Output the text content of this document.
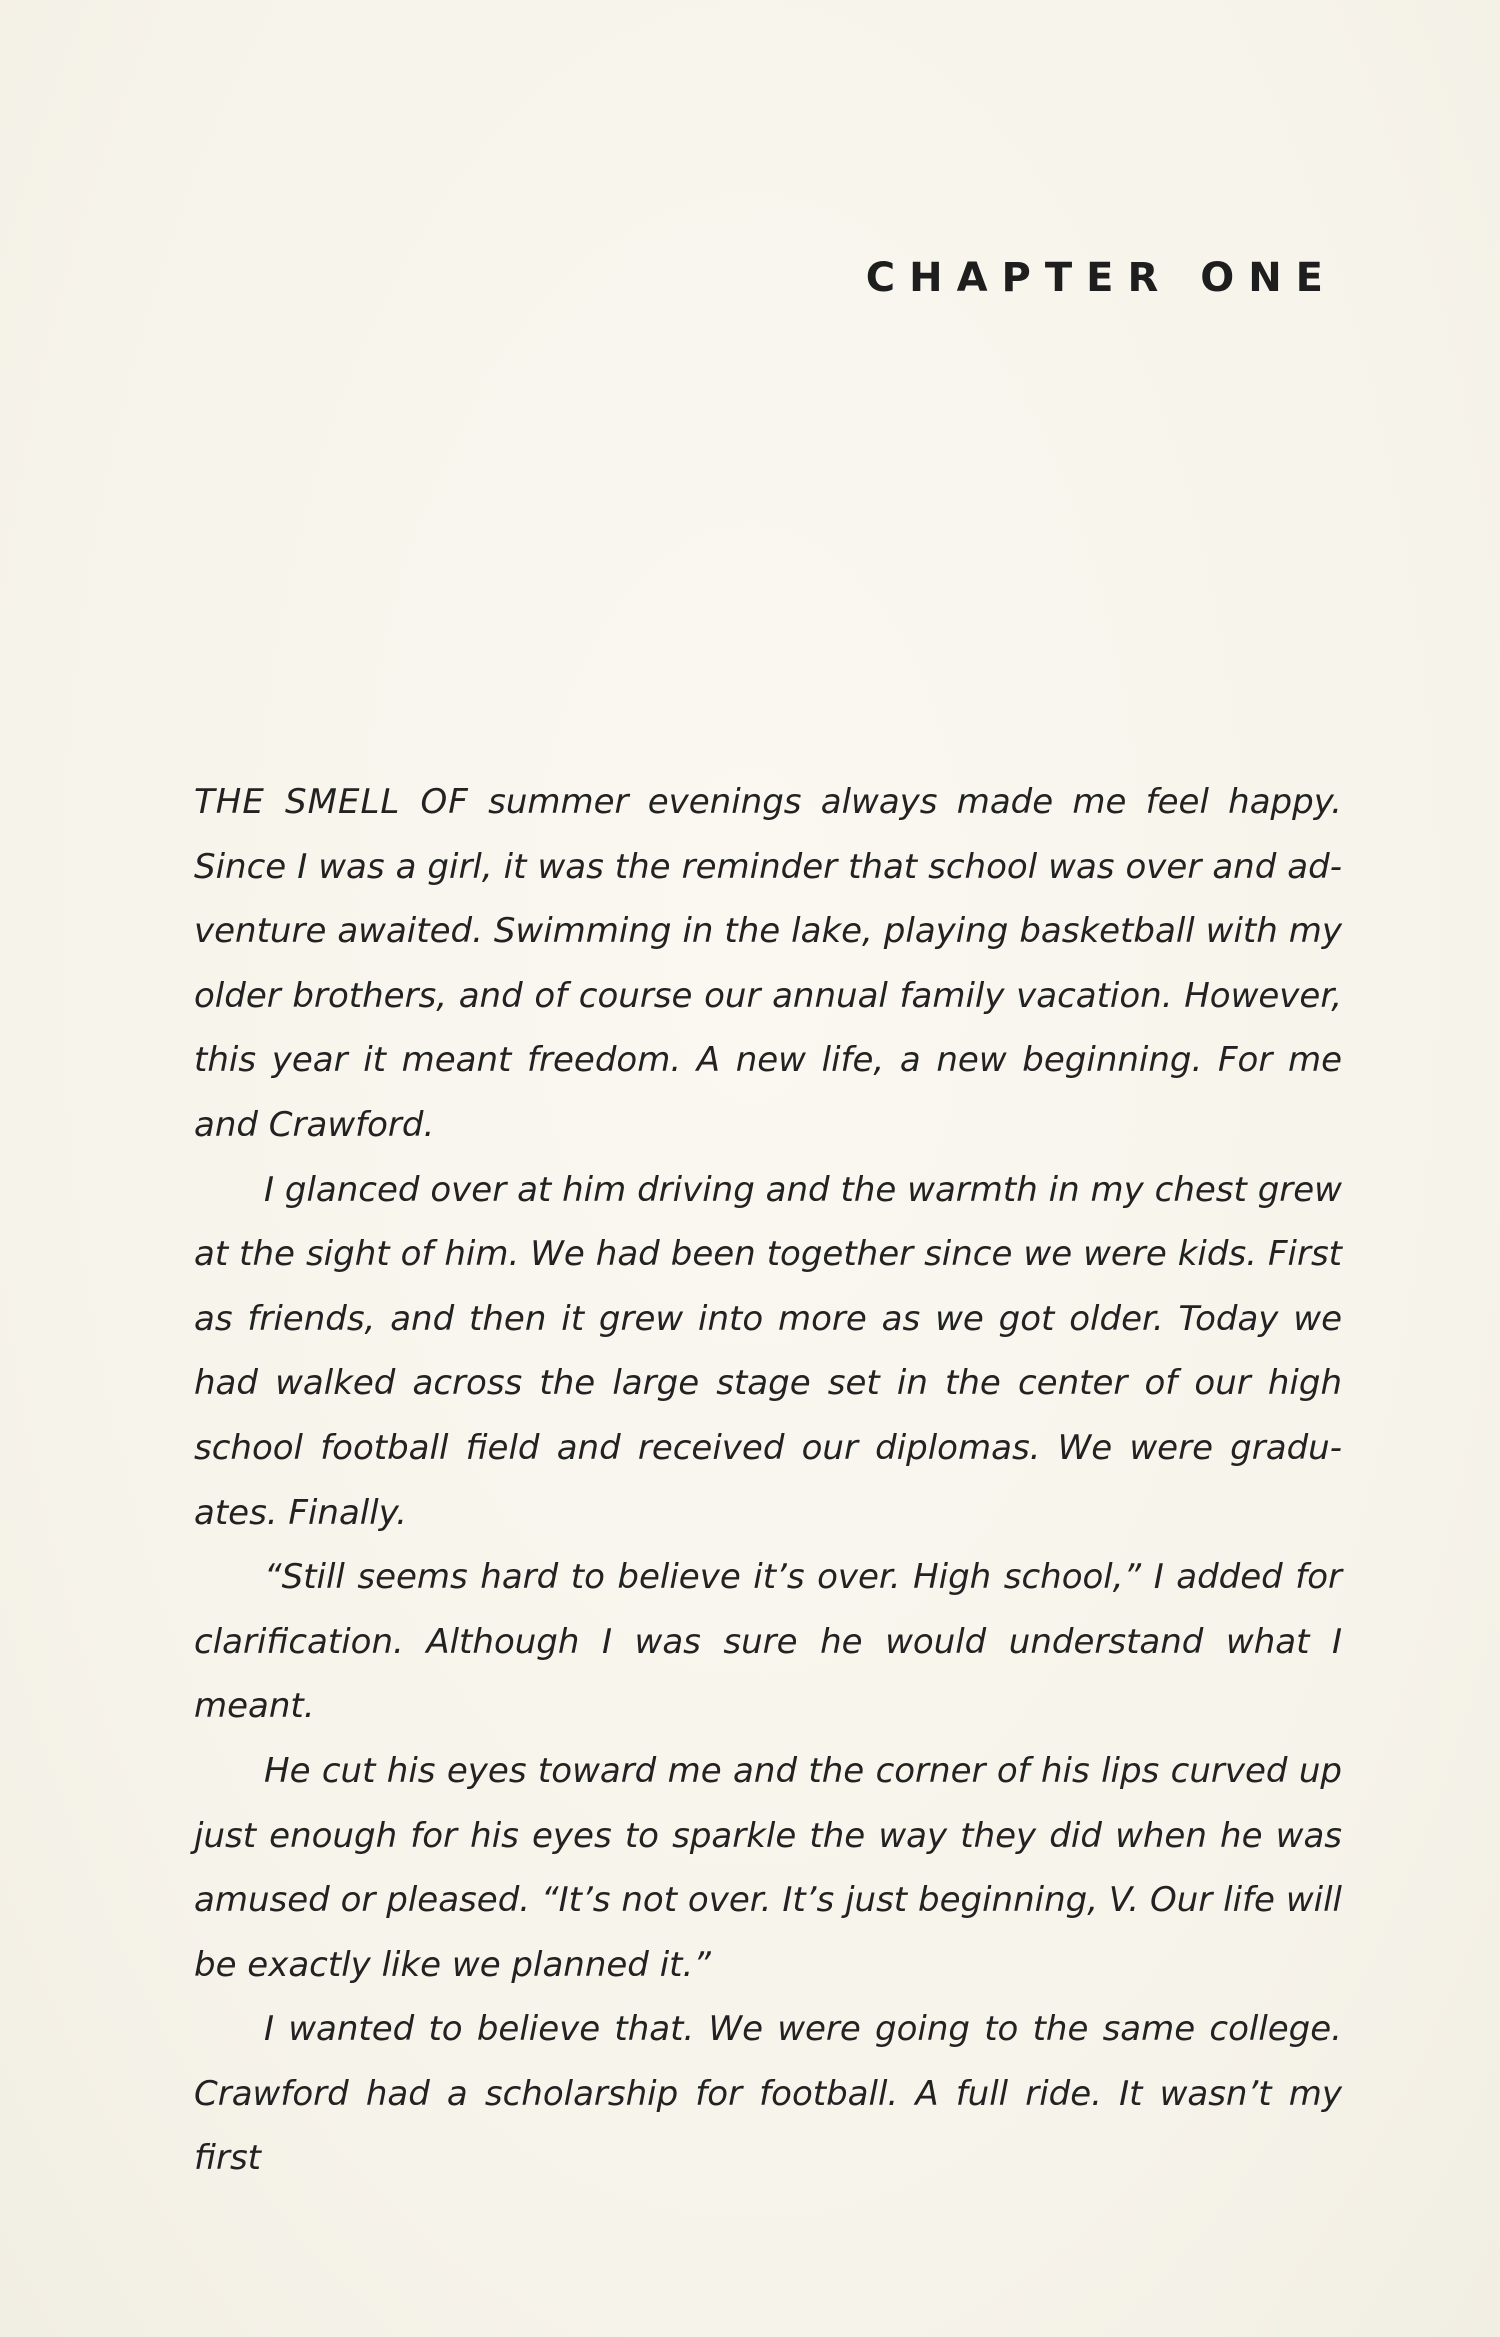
CHAPTER ONE

THE SMELL OF summer evenings always made me feel happy. Since I was a girl, it was the reminder that school was over and adventure awaited. Swimming in the lake, playing basketball with my older brothers, and of course our annual family vacation. However, this year it meant freedom. A new life, a new beginning. For me and Crawford.

I glanced over at him driving and the warmth in my chest grew at the sight of him. We had been together since we were kids. First as friends, and then it grew into more as we got older. Today we had walked across the large stage set in the center of our high school football field and received our diplomas. We were graduates. Finally.

“Still seems hard to believe it’s over. High school,” I added for clarification. Although I was sure he would understand what I meant.

He cut his eyes toward me and the corner of his lips curved up just enough for his eyes to sparkle the way they did when he was amused or pleased. “It’s not over. It’s just beginning, V. Our life will be exactly like we planned it.”

I wanted to believe that. We were going to the same college. Crawford had a scholarship for football. A full ride. It wasn’t my first
